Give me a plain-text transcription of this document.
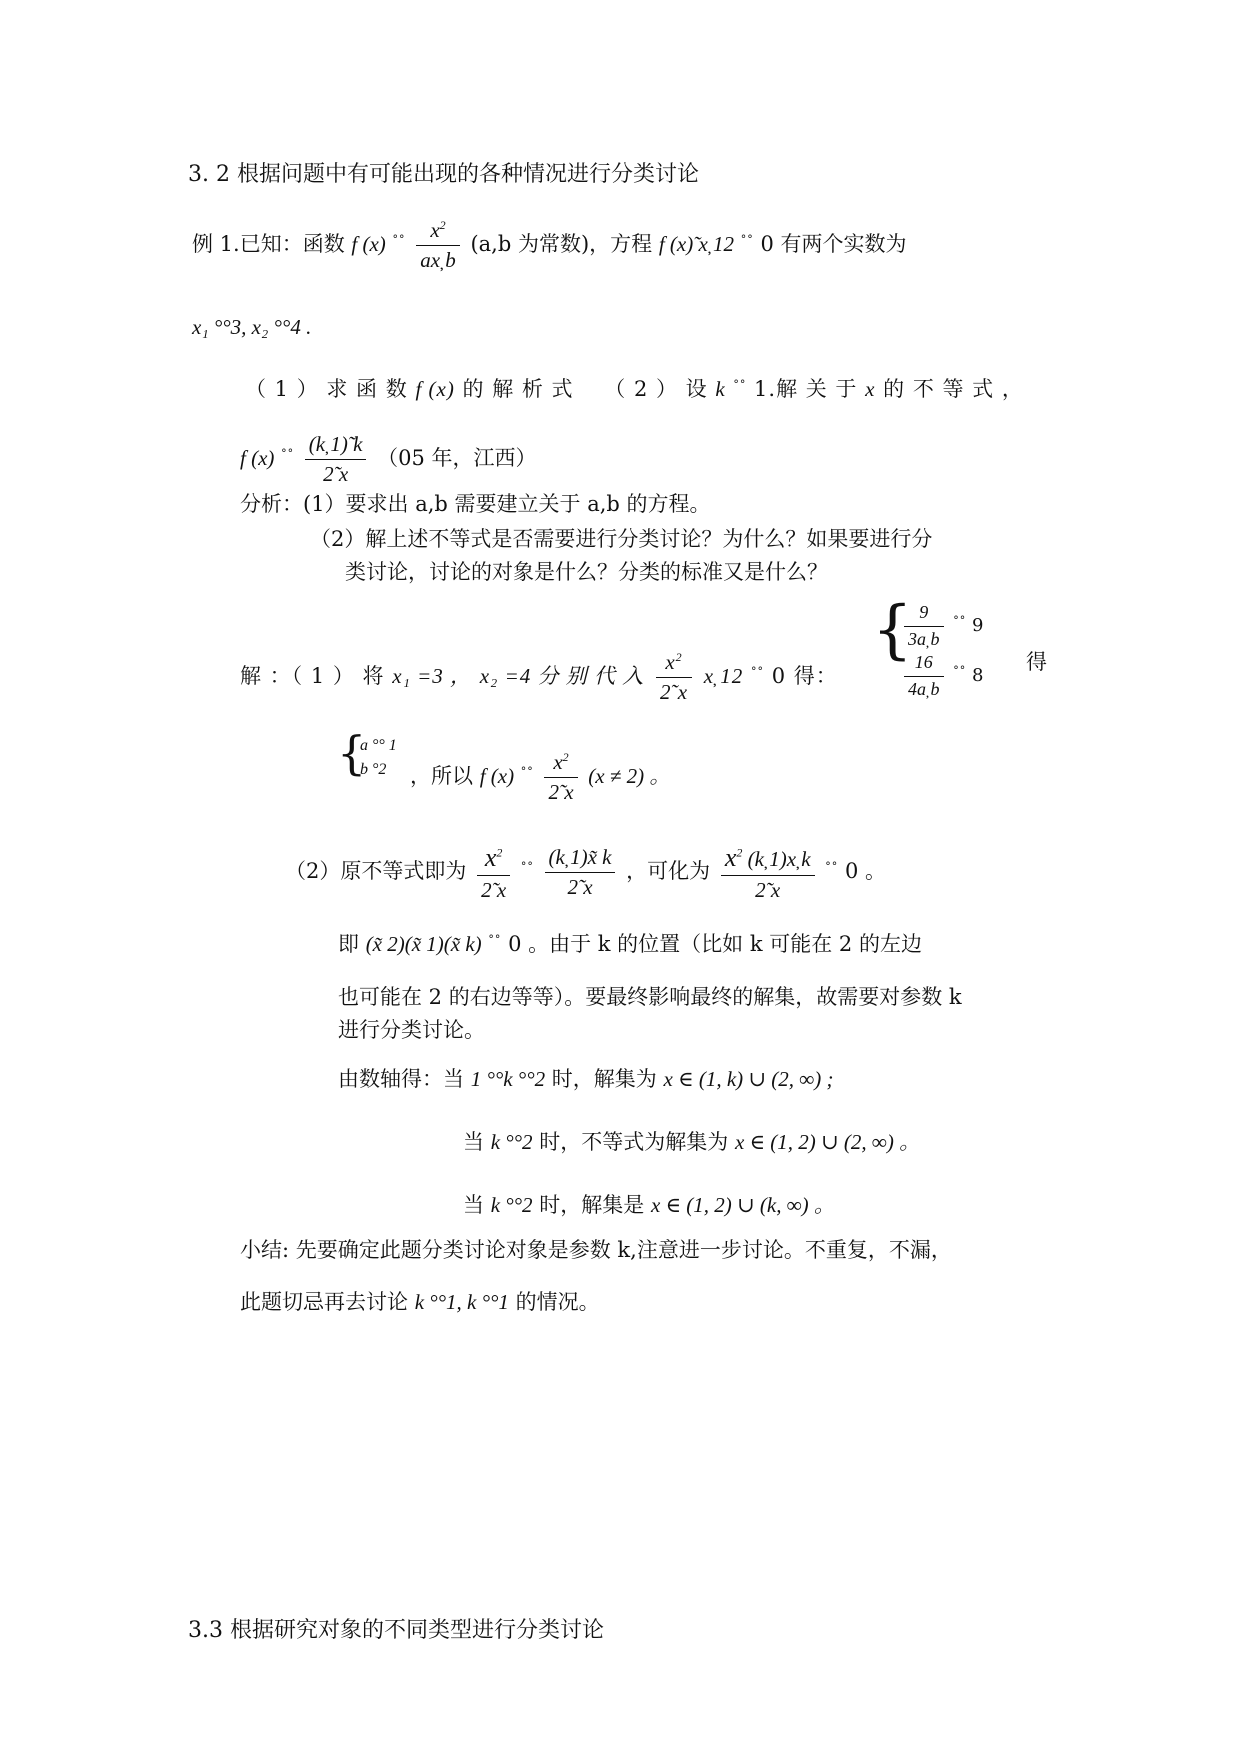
3. 2 根据问题中有可能出现的各种情况进行分类讨论
例 1.已知：函数 f (x) $^{^\circ^\circ} \frac{x^2}{ax̦ b} (a,b$ 为常数)，方程 f (x)̃ x̦ 12 °° 0 有两个实数为
x₁ °°3, x₂ °°4 .
（ 1 ） 求 函 数 f (x) 的 解 析 式 （ 2 ） 设 k °° 1.解 关 于 x 的 不 等 式 ，
f (x) $^{^\circ^\circ} \frac{(k̦ 1)̃ k}{2̃ x} (05$ 年，江西）
分析：(1）要求出 a,b 需要建立关于 a,b 的方程。
（2）解上述不等式是否需要进行分类讨论？为什么？如果要进行分
类讨论，讨论的对象是什么？分类的标准又是什么？
解 ：（ 1 ） 将 x₁ =3 ， x₂ =4 分 别 代 入 $\frac{x^2}{2̃ x}$ x̦ 12 °° 0 得：
{
$\frac{9}{3a̦ b} ^{^\circ^\circ}$ 9
$\frac{16}{4a̦ b} ^{^\circ^\circ}$ 8
得
{
a °° 1
b °2 ，所以 f (x) $^{^\circ^\circ} \frac{x^2}{2̃ x} (x \ne 2)$ 。
（2）原不等式即为 $\frac{x^2}{2̃ x} ^{^\circ^\circ} \frac{(k̦ 1)x̃ k}{2̃ x}$ ，可化为 $\frac{x^2 (k̦ 1)x̦ k}{2̃ x} ^{^\circ^\circ}$ 0 。
即 (x̃ 2)(x̃ 1)(x̃ k) °° 0 。由于 k 的位置（比如 k 可能在 2 的左边
也可能在 2 的右边等等）。要最终影响最终的解集，故需要对参数 k
进行分类讨论。
由数轴得：当 1 °°k °°2 时，解集为 x ∈ (1, k) ∪ (2, ∞) ;
当 k °°2 时，不等式为解集为 x ∈ (1, 2) ∪ (2, ∞) 。
当 k °°2 时，解集是 x ∈ (1, 2) ∪ (k, ∞) 。
小结: 先要确定此题分类讨论对象是参数 k,注意进一步讨论。不重复，不漏，
此题切忌再去讨论 k °°1, k °°1 的情况。
3.3 根据研究对象的不同类型进行分类讨论
